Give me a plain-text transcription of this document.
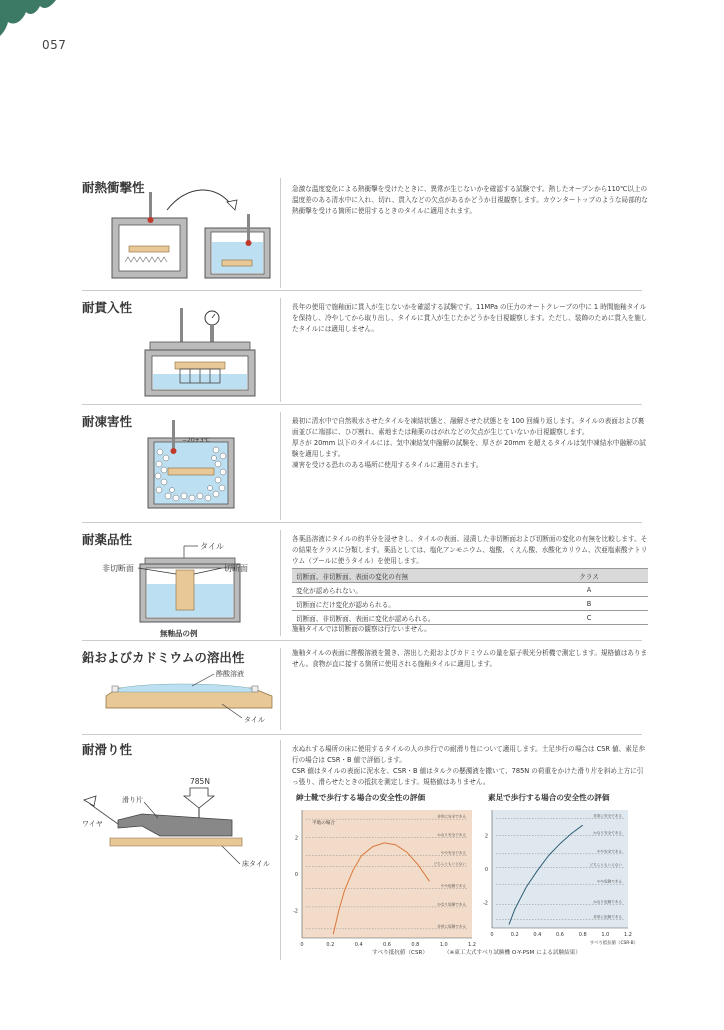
057
耐熱衝撃性	急激な温度変化による熱衝撃を受けたときに、異常が生じないかを確認する試験です。熱したオーブンから110℃以上の温度差のある清水中に入れ、切れ、貫入などの欠点があるかどうか目視観察します。カウンタートップのような局部的な熱衝撃を受ける箇所に使用するときのタイルに適用されます。
耐貫入性	長年の使用で施釉面に貫入が生じないかを確認する試験です。11MPa の圧力のオートクレーブの中に 1 時間施釉タイルを保持し、冷やしてから取り出し、タイルに貫入が生じたかどうかを目視観察します。ただし、装飾のために貫入を施したタイルには適用しません。
耐凍害性	最初に清水中で自然吸水させたタイルを凍結状態と、融解させた状態とを 100 回繰り返します。タイルの表面および裏面並びに端部に、ひび割れ、素地または釉薬のはがれなどの欠点が生じていないか目視観察します。

厚さが 20mm 以下のタイルには、気中凍結気中融解の試験を、厚さが 20mm を超えるタイルは気中凍結水中融解の試験を適用します。

凍害を受ける恐れのある場所に使用するタイルに適用されます。

−20±3℃
耐薬品性	各薬品溶液にタイルの約半分を浸せきし、タイルの表面、浸漬した非切断面および切断面の変化の有無を比較します。その結果をクラスに分類します。薬品としては、塩化アンモニウム、塩酸、くえん酸、水酸化カリウム、次亜塩素酸ナトリウム（プールに使うタイル）を使用します。
タイル
非切断面	切断面
無釉品の例
切断面、非切断面、表面の変化の有無	クラス
変化が認められない。	A
切断面にだけ変化が認められる。	B
切断面、非切断面、表面に変化が認められる。	C
施釉タイルでは切断面の観察は行ないません。
鉛およびカドミウムの溶出性	施釉タイルの表面に酢酸溶液を置き、溶出した鉛およびカドミウムの量を原子吸光分析機で測定します。規格値はありません。食物が直に接する箇所に使用される施釉タイルに適用します。
酢酸溶液
タイル
耐滑り性	水ぬれする場所の床に使用するタイルの人の歩行での耐滑り性について適用します。土足歩行の場合は CSR 値、素足歩行の場合は CSR・B 値で評価します。

CSR 値はタイルの表面に泥水を、CSR・B 値はタルクの懸濁液を撒いて、785N の荷重をかけた滑り片を斜め上方に引っ張り、滑らせたときの抵抗を測定します。規格値はありません。

785N
滑り片
ワイヤ
床タイル
紳士靴で歩行する場合の安全性の評価
非常に安全である
かなり安全である
やや安全である
どちらともいえない
やや危険である
かなり危険である
非常に危険である
2
0
-2
0	0.2	0.4	0.6	0.8	1.0	1.2
平地の場合
素足で歩行する場合の安全性の評価
非常に安全である
かなり安全である
やや安全である
どちらともいえない
やや危険である
かなり危険である
非常に危険である
2
0
-2
0	0.2	0.4	0.6	0.8	1.0	1.2
すべり抵抗値（CSR-B）
すべり抵抗値（CSR）	（※東工大式すべり試験機 O-Y-PSM による試験結果）
